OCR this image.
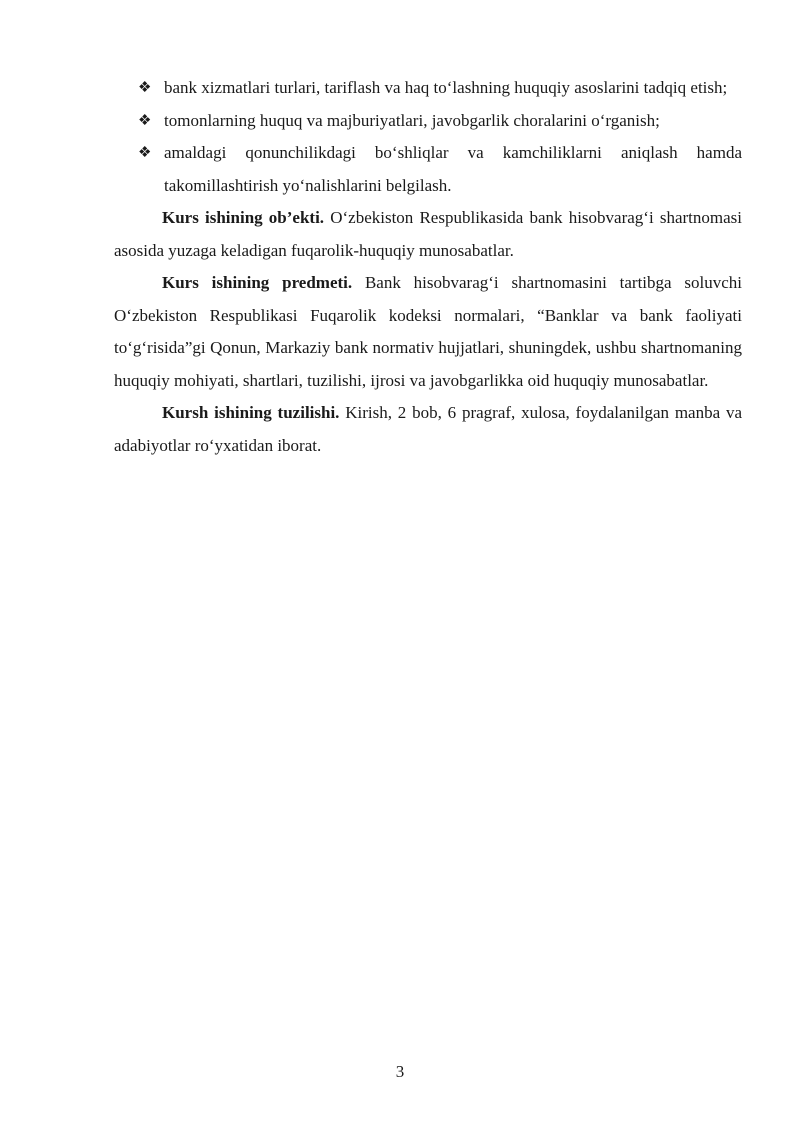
❖ bank xizmatlari turlari, tariflash va haq to‘lashning huquqiy asoslarini tadqiq etish;

❖ tomonlarning huquq va majburiyatlari, javobgarlik choralarini o‘rganish;

❖ amaldagi qonunchilikdagi bo‘shliqlar va kamchiliklarni aniqlash hamda takomillashtirish yo‘nalishlarini belgilash.

Kurs ishining ob’ekti. O‘zbekiston Respublikasida bank hisobvarag‘i shartnomasi asosida yuzaga keladigan fuqarolik-huquqiy munosabatlar.

Kurs ishining predmeti. Bank hisobvarag‘i shartnomasini tartibga soluvchi O‘zbekiston Respublikasi Fuqarolik kodeksi normalari, “Banklar va bank faoliyati to‘g‘risida”gi Qonun, Markaziy bank normativ hujjatlari, shuningdek, ushbu shartnomaning huquqiy mohiyati, shartlari, tuzilishi, ijrosi va javobgarlikka oid huquqiy munosabatlar.

Kursh ishining tuzilishi. Kirish, 2 bob, 6 pragraf, xulosa, foydalanilgan manba va adabiyotlar ro‘yxatidan iborat.

3
